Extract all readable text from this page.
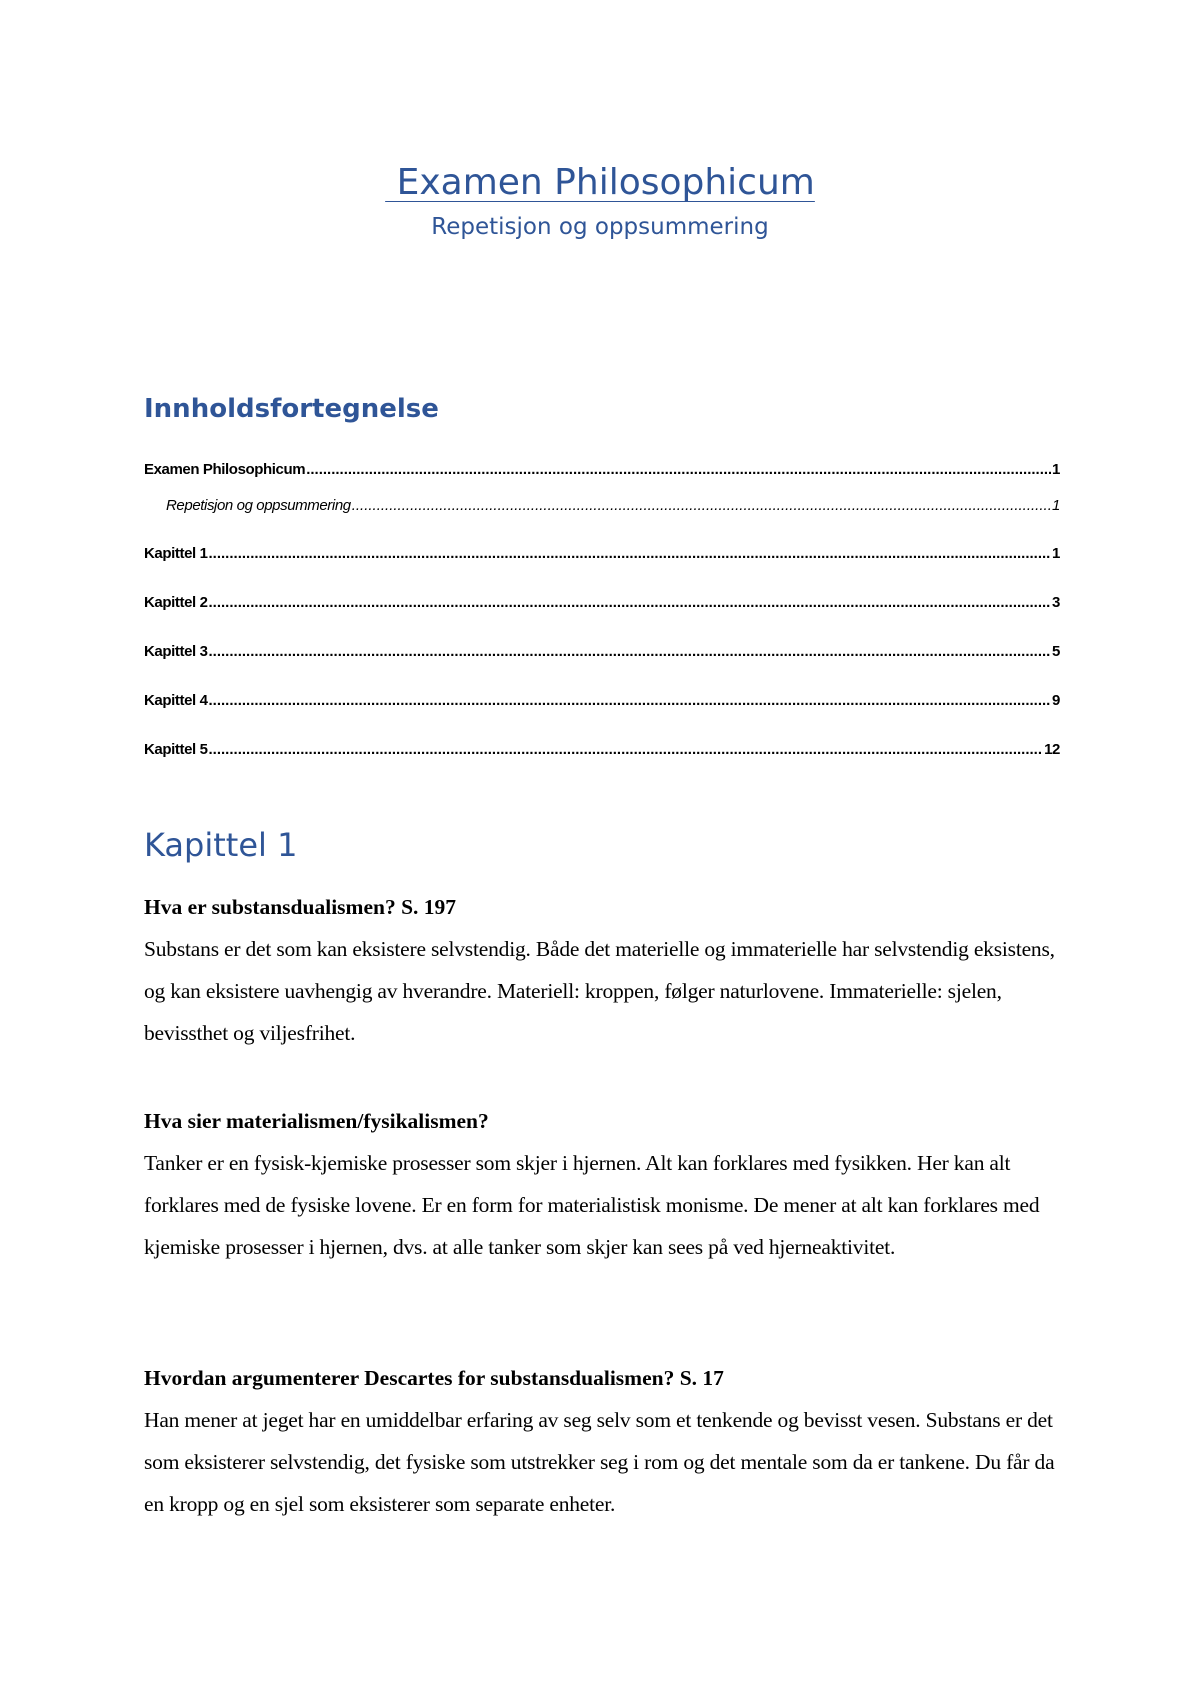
Examen Philosophicum
Repetisjon og oppsummering
Innholdsfortegnelse
Examen Philosophicum .....	1
Repetisjon og oppsummering .....	1
Kapittel 1 .....	1
Kapittel 2 .....	3
Kapittel 3 .....	5
Kapittel 4 .....	9
Kapittel 5 .....	12
Kapittel 1
Hva er substansdualismen? S. 197
Substans er det som kan eksistere selvstendig. Både det materielle og immaterielle har selvstendig eksistens, og kan eksistere uavhengig av hverandre. Materiell: kroppen, følger naturlovene. Immaterielle: sjelen, bevissthet og viljesfrihet.
Hva sier materialismen/fysikalismen?
Tanker er en fysisk-kjemiske prosesser som skjer i hjernen. Alt kan forklares med fysikken. Her kan alt forklares med de fysiske lovene. Er en form for materialistisk monisme. De mener at alt kan forklares med kjemiske prosesser i hjernen, dvs. at alle tanker som skjer kan sees på ved hjerneaktivitet.
Hvordan argumenterer Descartes for substansdualismen? S. 17
Han mener at jeget har en umiddelbar erfaring av seg selv som et tenkende og bevisst vesen. Substans er det som eksisterer selvstendig, det fysiske som utstrekker seg i rom og det mentale som da er tankene. Du får da en kropp og en sjel som eksisterer som separate enheter.
